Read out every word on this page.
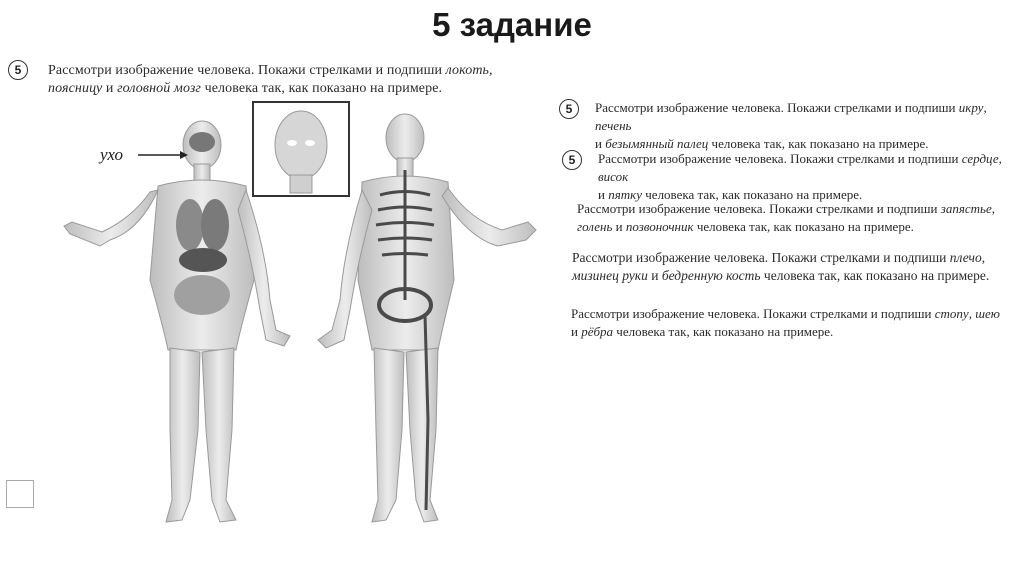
5 задание
5	Рассмотри изображение человека. Покажи стрелками и подпиши локоть,
поясницу и головной мозг человека так, как показано на примере.
5	Рассмотри изображение человека. Покажи стрелками и подпиши икру, печень
и безымянный палец человека так, как показано на примере.
5	Рассмотри изображение человека. Покажи стрелками и подпиши сердце, висок
и пятку человека так, как показано на примере.
Рассмотри изображение человека. Покажи стрелками и подпиши запястье,
голень и позвоночник человека так, как показано на примере.
Рассмотри изображение человека. Покажи стрелками и подпиши плечо, мизинец руки и бедренную кость человека так, как показано на примере.
Рассмотри изображение человека. Покажи стрелками и подпиши стопу, шею
и рёбра человека так, как показано на примере.
ухо
